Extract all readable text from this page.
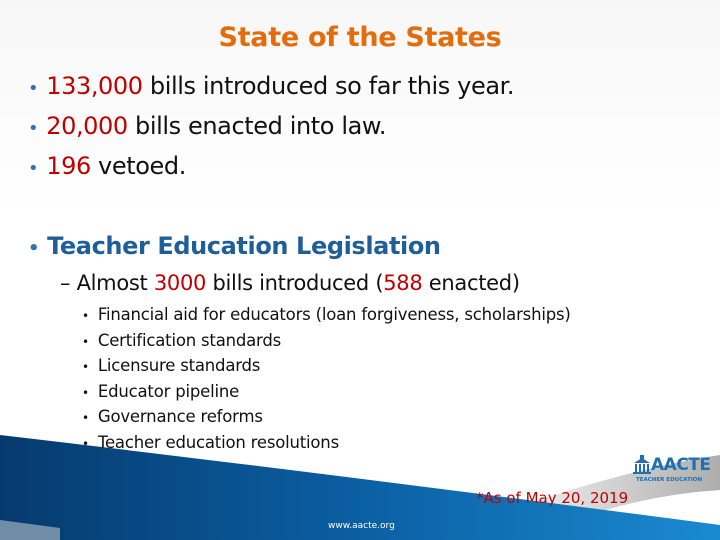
State of the States
• 133,000 bills introduced so far this year.
• 20,000 bills enacted into law.
• 196 vetoed.
• Teacher Education Legislation
– Almost 3000 bills introduced (588 enacted)
• Financial aid for educators (loan forgiveness, scholarships)
• Certification standards
• Licensure standards
• Educator pipeline
• Governance reforms
• Teacher education resolutions
AACTE
TEACHER EDUCATION
*As of May 20, 2019
www.aacte.org
